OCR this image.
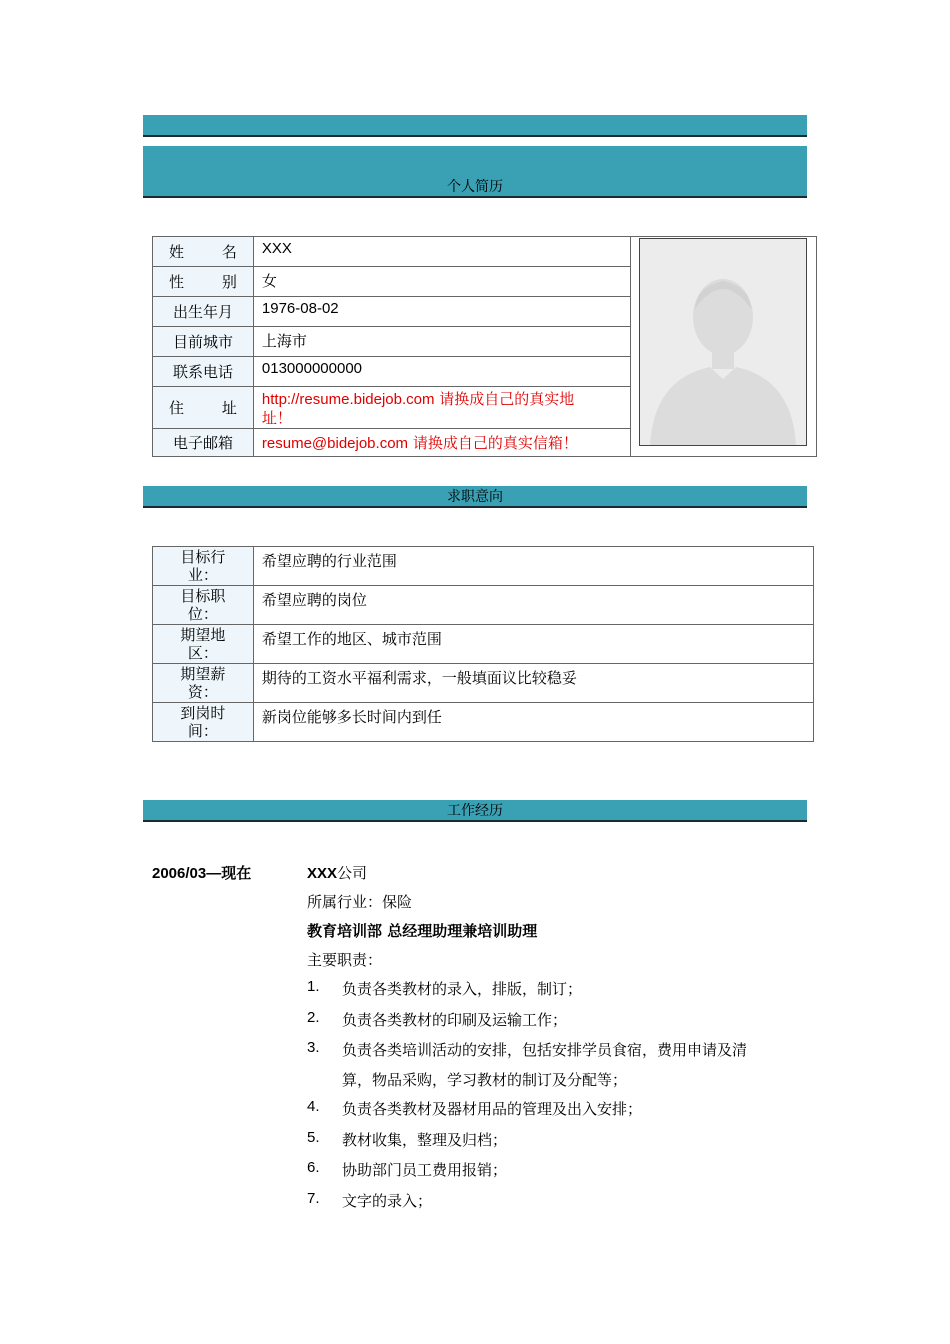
个人简历
姓 名	XXX	

性 别	女	
出生年月	1976-08-02	
目前城市	上海市	
联系电话	013000000000	

住 址	http://resume.bidejob.com 请换成自己的真实地
址！	
电子邮箱	resume@bidejob.com 请换成自己的真实信箱！	
求职意向
目标行
业：	希望应聘的行业范围
目标职
位：	希望应聘的岗位
期望地
区：	希望工作的地区、城市范围
期望薪
资：	期待的工资水平福利需求，一般填面议比较稳妥
到岗时
间：	新岗位能够多长时间内到任
工作经历
2006/03—现在	XXX公司
所属行业：保险
教育培训部 总经理助理兼培训助理
主要职责：
1. 负责各类教材的录入，排版，制订；
2. 负责各类教材的印刷及运输工作；
3. 负责各类培训活动的安排，包括安排学员食宿，费用申请及清
算，物品采购，学习教材的制订及分配等；
4. 负责各类教材及器材用品的管理及出入安排；
5. 教材收集，整理及归档；
6. 协助部门员工费用报销；
7. 文字的录入；
